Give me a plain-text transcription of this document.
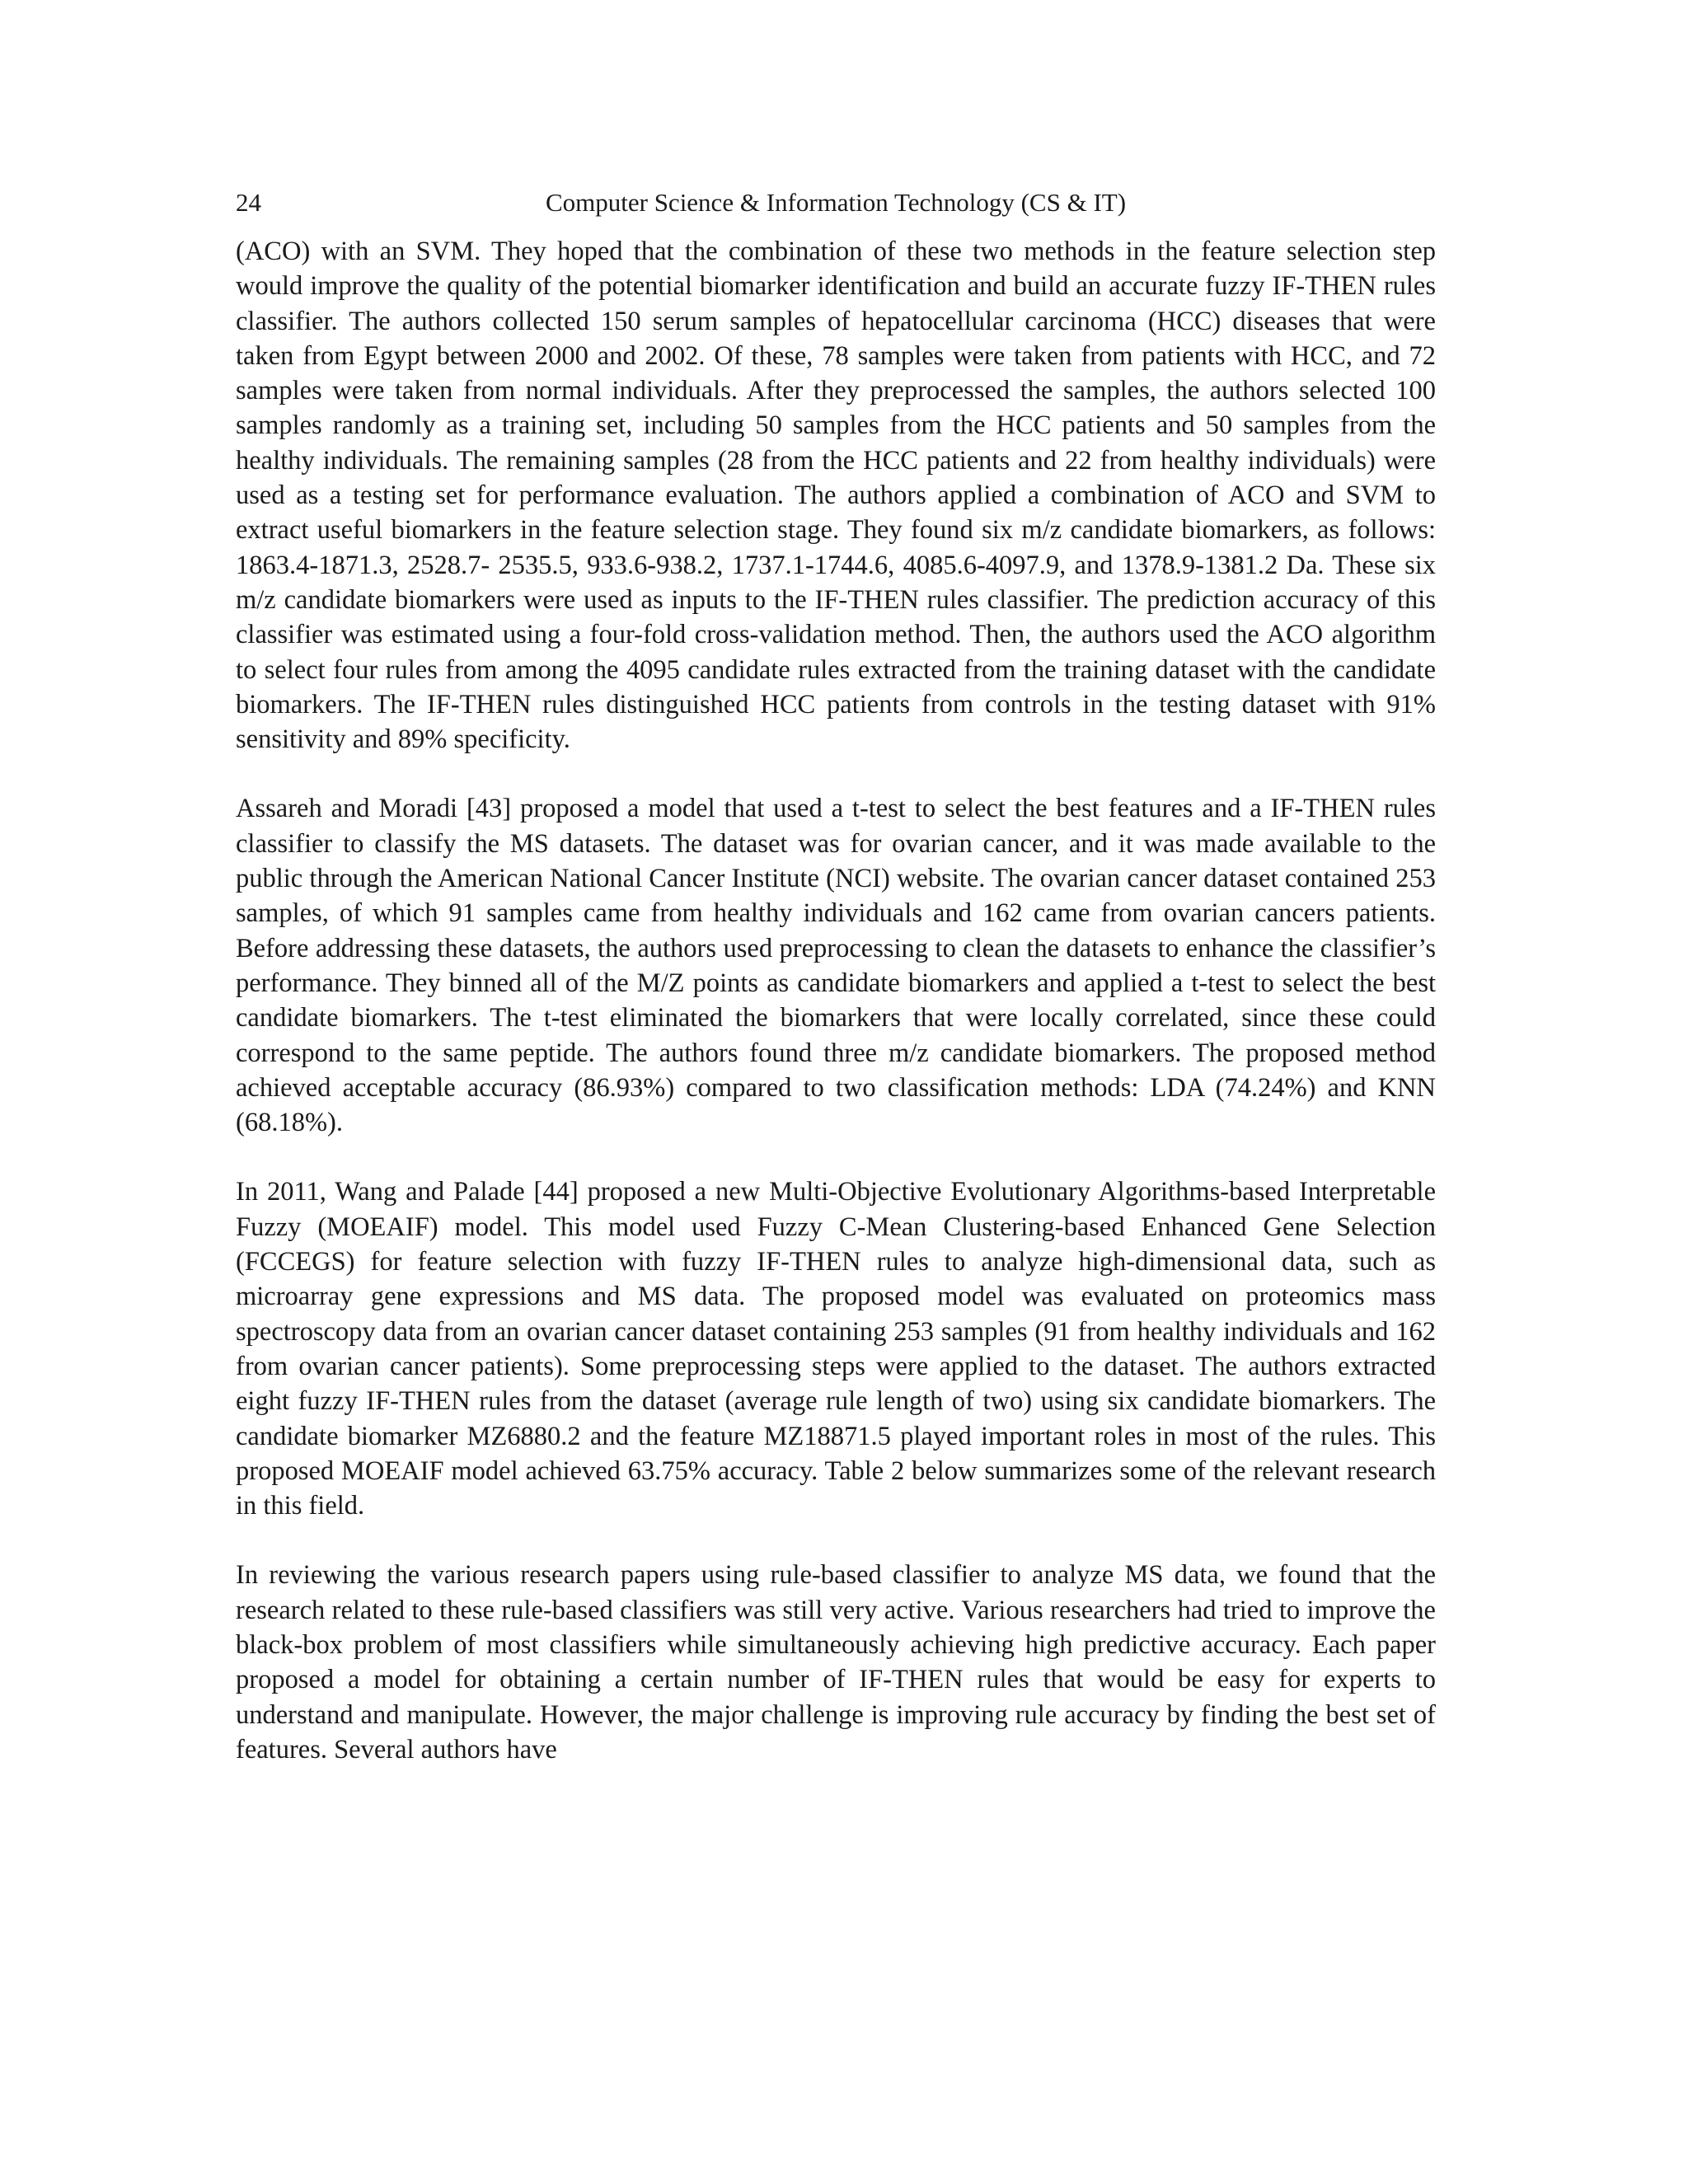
24	Computer Science & Information Technology (CS & IT)

(ACO) with an SVM. They hoped that the combination of these two methods in the feature selection step would improve the quality of the potential biomarker identification and build an accurate fuzzy IF-THEN rules classifier. The authors collected 150 serum samples of hepatocellular carcinoma (HCC) diseases that were taken from Egypt between 2000 and 2002. Of these, 78 samples were taken from patients with HCC, and 72 samples were taken from normal individuals. After they preprocessed the samples, the authors selected 100 samples randomly as a training set, including 50 samples from the HCC patients and 50 samples from the healthy individuals. The remaining samples (28 from the HCC patients and 22 from healthy individuals) were used as a testing set for performance evaluation. The authors applied a combination of ACO and SVM to extract useful biomarkers in the feature selection stage. They found six m/z candidate biomarkers, as follows: 1863.4-1871.3, 2528.7- 2535.5, 933.6-938.2, 1737.1-1744.6, 4085.6-4097.9, and 1378.9-1381.2 Da. These six m/z candidate biomarkers were used as inputs to the IF-THEN rules classifier. The prediction accuracy of this classifier was estimated using a four-fold cross-validation method. Then, the authors used the ACO algorithm to select four rules from among the 4095 candidate rules extracted from the training dataset with the candidate biomarkers. The IF-THEN rules distinguished HCC patients from controls in the testing dataset with 91% sensitivity and 89% specificity.

Assareh and Moradi [43] proposed a model that used a t-test to select the best features and a IF-THEN rules classifier to classify the MS datasets. The dataset was for ovarian cancer, and it was made available to the public through the American National Cancer Institute (NCI) website. The ovarian cancer dataset contained 253 samples, of which 91 samples came from healthy individuals and 162 came from ovarian cancers patients. Before addressing these datasets, the authors used preprocessing to clean the datasets to enhance the classifier’s performance. They binned all of the M/Z points as candidate biomarkers and applied a t-test to select the best candidate biomarkers. The t-test eliminated the biomarkers that were locally correlated, since these could correspond to the same peptide. The authors found three m/z candidate biomarkers. The proposed method achieved acceptable accuracy (86.93%) compared to two classification methods: LDA (74.24%) and KNN (68.18%).

In 2011, Wang and Palade [44] proposed a new Multi-Objective Evolutionary Algorithms-based Interpretable Fuzzy (MOEAIF) model. This model used Fuzzy C-Mean Clustering-based Enhanced Gene Selection (FCCEGS) for feature selection with fuzzy IF-THEN rules to analyze high-dimensional data, such as microarray gene expressions and MS data. The proposed model was evaluated on proteomics mass spectroscopy data from an ovarian cancer dataset containing 253 samples (91 from healthy individuals and 162 from ovarian cancer patients). Some preprocessing steps were applied to the dataset. The authors extracted eight fuzzy IF-THEN rules from the dataset (average rule length of two) using six candidate biomarkers. The candidate biomarker MZ6880.2 and the feature MZ18871.5 played important roles in most of the rules. This proposed MOEAIF model achieved 63.75% accuracy. Table 2 below summarizes some of the relevant research in this field.

In reviewing the various research papers using rule-based classifier to analyze MS data, we found that the research related to these rule-based classifiers was still very active. Various researchers had tried to improve the black-box problem of most classifiers while simultaneously achieving high predictive accuracy. Each paper proposed a model for obtaining a certain number of IF-THEN rules that would be easy for experts to understand and manipulate. However, the major challenge is improving rule accuracy by finding the best set of features. Several authors have
